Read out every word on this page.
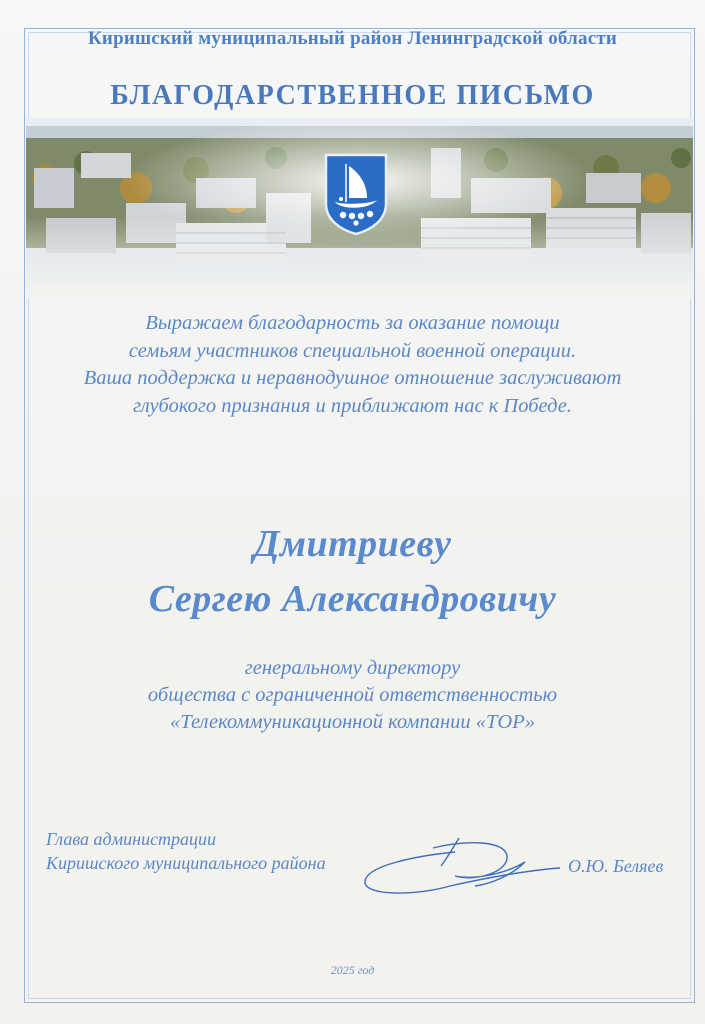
Киришский муниципальный район Ленинградской области
БЛАГОДАРСТВЕННОЕ ПИСЬМО
Выражаем благодарность за оказание помощи
семьям участников специальной военной операции.
Ваша поддержка и неравнодушное отношение заслуживают
глубокого признания и приближают нас к Победе.
Дмитриеву
Сергею Александровичу
генеральному директору
общества с ограниченной ответственностью
«Телекоммуникационной компании «ТОР»
Глава администрации
Киришского муниципального района	О.Ю. Беляев
2025 год
